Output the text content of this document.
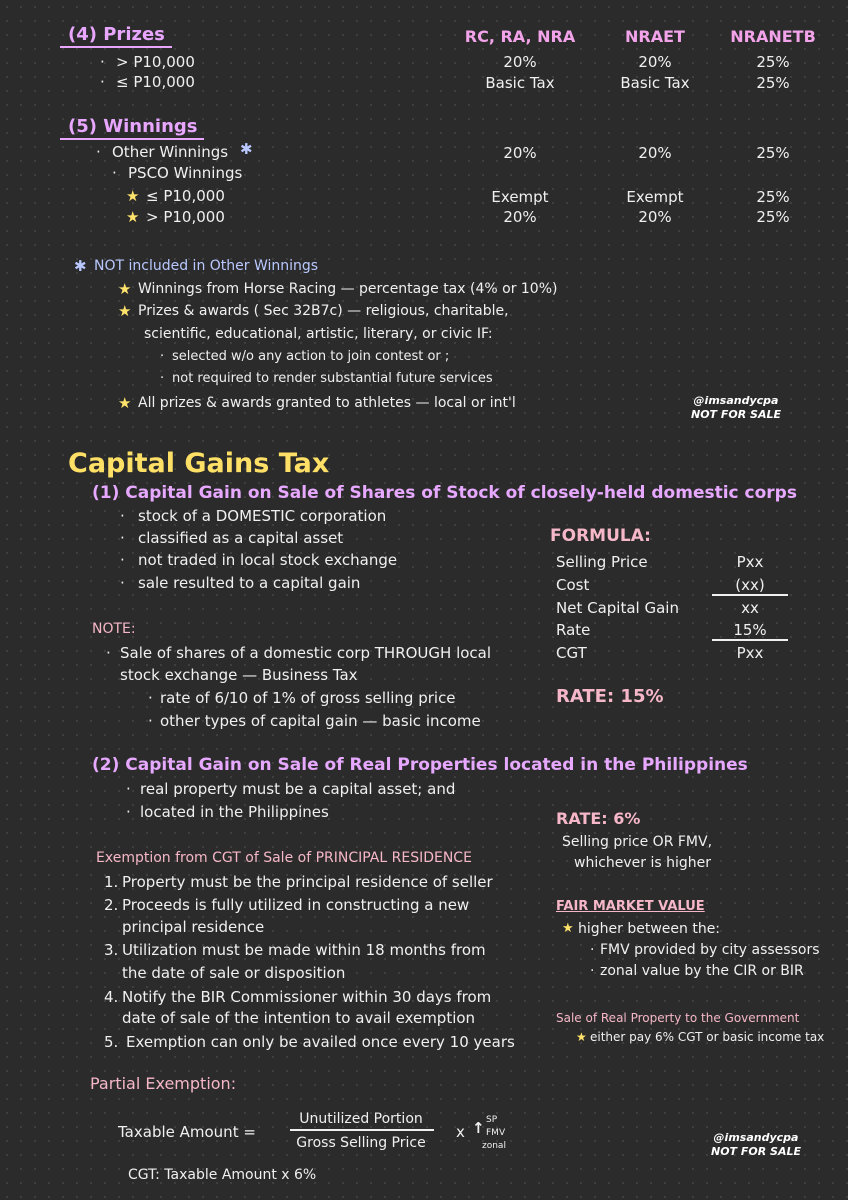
(4) Prizes	RC, RA, NRA	NRAET	NRANETB
· > P10,000	20%	20%	25%
· ≤ P10,000	Basic Tax	Basic Tax	25%
(5) Winnings
· Other Winnings ✱	20%	20%	25%
· PSCO Winnings
★ ≤ P10,000	Exempt	Exempt	25%
★ > P10,000	20%	20%	25%
✱ NOT included in Other Winnings
★ Winnings from Horse Racing — percentage tax (4% or 10%)
★ Prizes & awards ( Sec 32B7c) — religious, charitable,
scientific, educational, artistic, literary, or civic IF:
· selected w/o any action to join contest or ;
· not required to render substantial future services
★ All prizes & awards granted to athletes — local or int'l	@imsandycpa
NOT FOR SALE
Capital Gains Tax
(1) Capital Gain on Sale of Shares of Stock of closely-held domestic corps
· stock of a DOMESTIC corporation
· classified as a capital asset
· not traded in local stock exchange
· sale resulted to a capital gain
FORMULA:
Selling Price	Pxx
Cost	(xx)
Net Capital Gain	xx
Rate	15%
CGT	Pxx
RATE: 15%
NOTE:
· Sale of shares of a domestic corp THROUGH local
stock exchange — Business Tax
· rate of 6/10 of 1% of gross selling price
· other types of capital gain — basic income
(2) Capital Gain on Sale of Real Properties located in the Philippines
· real property must be a capital asset; and
· located in the Philippines	RATE: 6%
Selling price OR FMV,
whichever is higher
Exemption from CGT of Sale of PRINCIPAL RESIDENCE
1. Property must be the principal residence of seller
2. Proceeds is fully utilized in constructing a new
principal residence
3. Utilization must be made within 18 months from
the date of sale or disposition
4. Notify the BIR Commissioner within 30 days from
date of sale of the intention to avail exemption
5. Exemption can only be availed once every 10 years
FAIR MARKET VALUE
★ higher between the:
· FMV provided by city assessors
· zonal value by the CIR or BIR
Sale of Real Property to the Government
★ either pay 6% CGT or basic income tax
Partial Exemption:
Taxable Amount =
Unutilized Portion
Gross Selling Price
x ↑ SP
FMV
zonal
CGT: Taxable Amount x 6%
@imsandycpa
NOT FOR SALE
